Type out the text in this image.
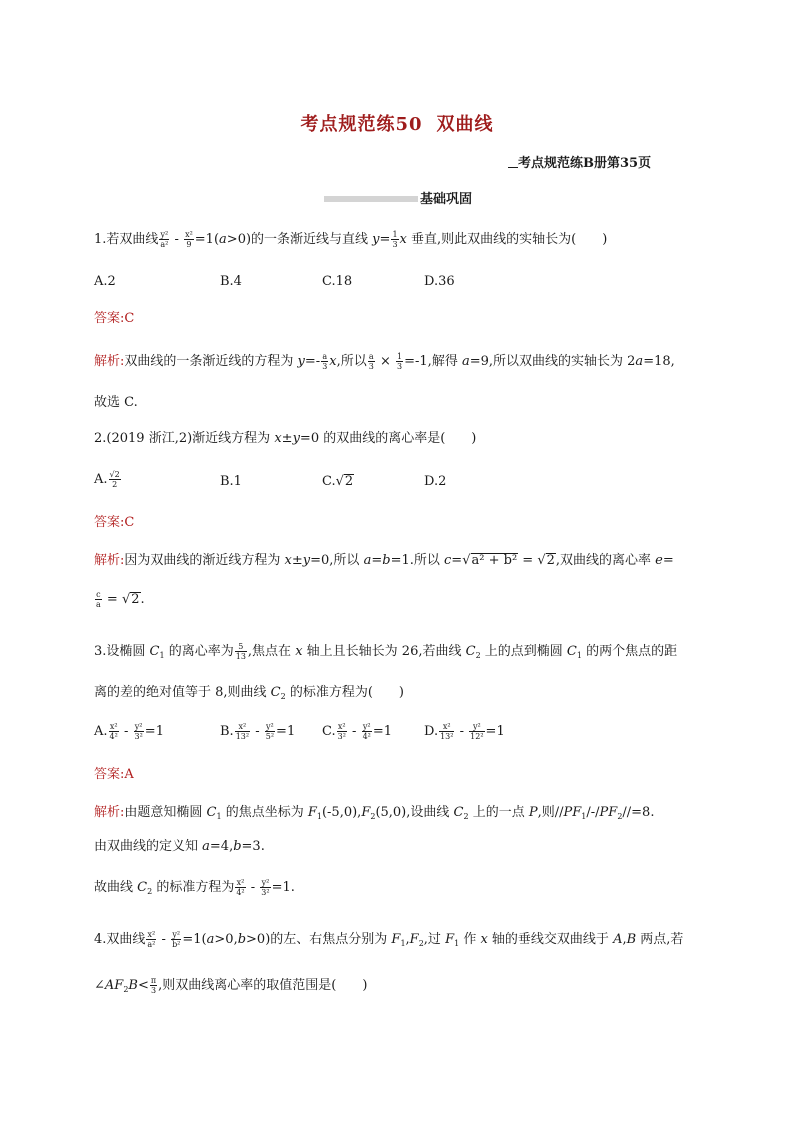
考点规范练50 双曲线
考点规范练B册第35页
基础巩固
1.若双曲线 $\frac{\text{y²}}{\text{a²}} - \frac{\text{x²}}{9} =1(a>0)$的一条渐近线与直线 $y= \frac{1}{3}$ x 垂直,则此双曲线的实轴长为(　　)
A.2	B.4	C.18	D.36
答案:C
解析:双曲线的一条渐近线的方程为 $y=- \frac{a}{3} x$,所以 $\frac{a}{3} \times \frac{1}{3} =-1$,解得 a=9,所以双曲线的实轴长为 2a=18,
故选 C.
2.(2019 浙江,2)渐近线方程为 x±y=0 的双曲线的离心率是(　　)
A. $\frac{√2}{2}$	B.1	C.√2	D.2
答案:C
解析:因为双曲线的渐近线方程为 x±y=0,所以 a=b=1.所以 c=√a² + b² = √2,双曲线的离心率 e=
$\frac{c}{a} = √2$.
3.设椭圆 $C_1$ 的离心率为 $\frac{5}{13}$ ,焦点在 x 轴上且长轴长为 26,若曲线 $C_2$ 上的点到椭圆 $C_1$ 的两个焦点的距
离的差的绝对值等于 8,则曲线 $C_2$ 的标准方程为(　　)
A. $\frac{\text{x²}}{\text{4²}} - \frac{\text{y²}}{\text{3²}} =1$	B. $\frac{\text{x²}}{\text{13²}} - \frac{\text{y²}}{\text{5²}} =1$ C. $\frac{\text{x²}}{\text{3²}} - \frac{\text{y²}}{\text{4²}} =1$ D. $\frac{\text{x²}}{\text{13²}} - \frac{\text{y²}}{\text{12²}} =1$
答案:A
解析:由题意知椭圆 $C_1$ 的焦点坐标为 $F_1(-5,0),F_2(5,0)$,设曲线 $C_2$ 上的一点 P,则$//PF_1/-/PF_2//=8$.
由双曲线的定义知 a=4,b=3.
故曲线 $C_2$ 的标准方程为 $\frac{\text{x²}}{\text{4²}} - \frac{\text{y²}}{\text{3²}} =1$.
4.双曲线 $\frac{\text{x²}}{\text{a²}} - \frac{\text{y²}}{\text{b²}} =1(a>0,b>0)$的左、右焦点分别为 $F_1,F_2$,过 $F_1$ 作 x 轴的垂线交双曲线于 A,B 两点,若
$\angle AF_2B< \frac{\pi}{3}$ ,则双曲线离心率的取值范围是(　　)
